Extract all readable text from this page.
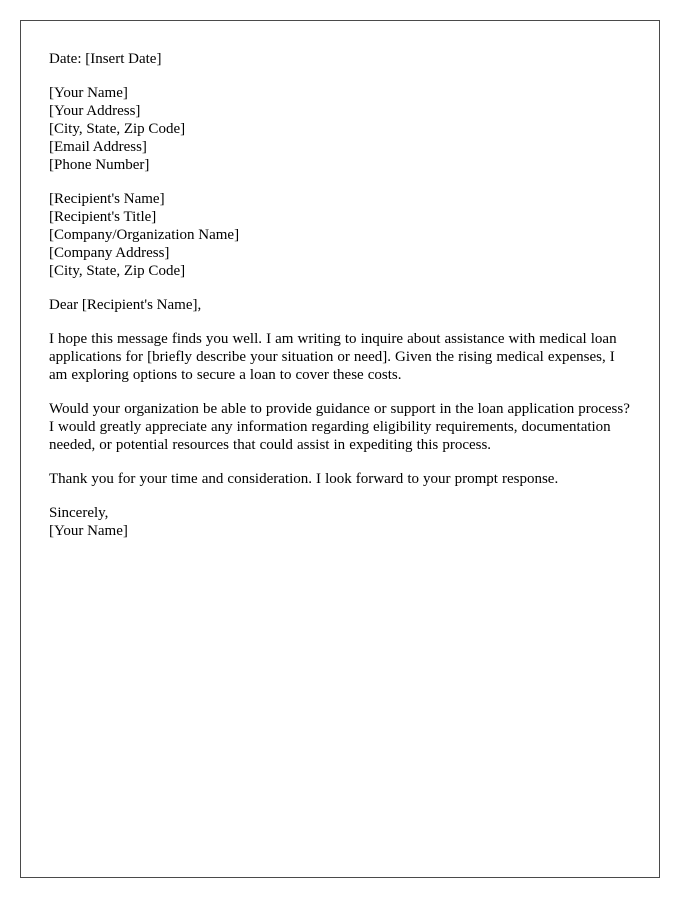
Date: [Insert Date]
[Your Name]
[Your Address]
[City, State, Zip Code]
[Email Address]
[Phone Number]
[Recipient's Name]
[Recipient's Title]
[Company/Organization Name]
[Company Address]
[City, State, Zip Code]
Dear [Recipient's Name],

I hope this message finds you well. I am writing to inquire about assistance with medical loan applications for [briefly describe your situation or need]. Given the rising medical expenses, I am exploring options to secure a loan to cover these costs.

Would your organization be able to provide guidance or support in the loan application process? I would greatly appreciate any information regarding eligibility requirements, documentation needed, or potential resources that could assist in expediting this process.

Thank you for your time and consideration. I look forward to your prompt response.

Sincerely,
[Your Name]
